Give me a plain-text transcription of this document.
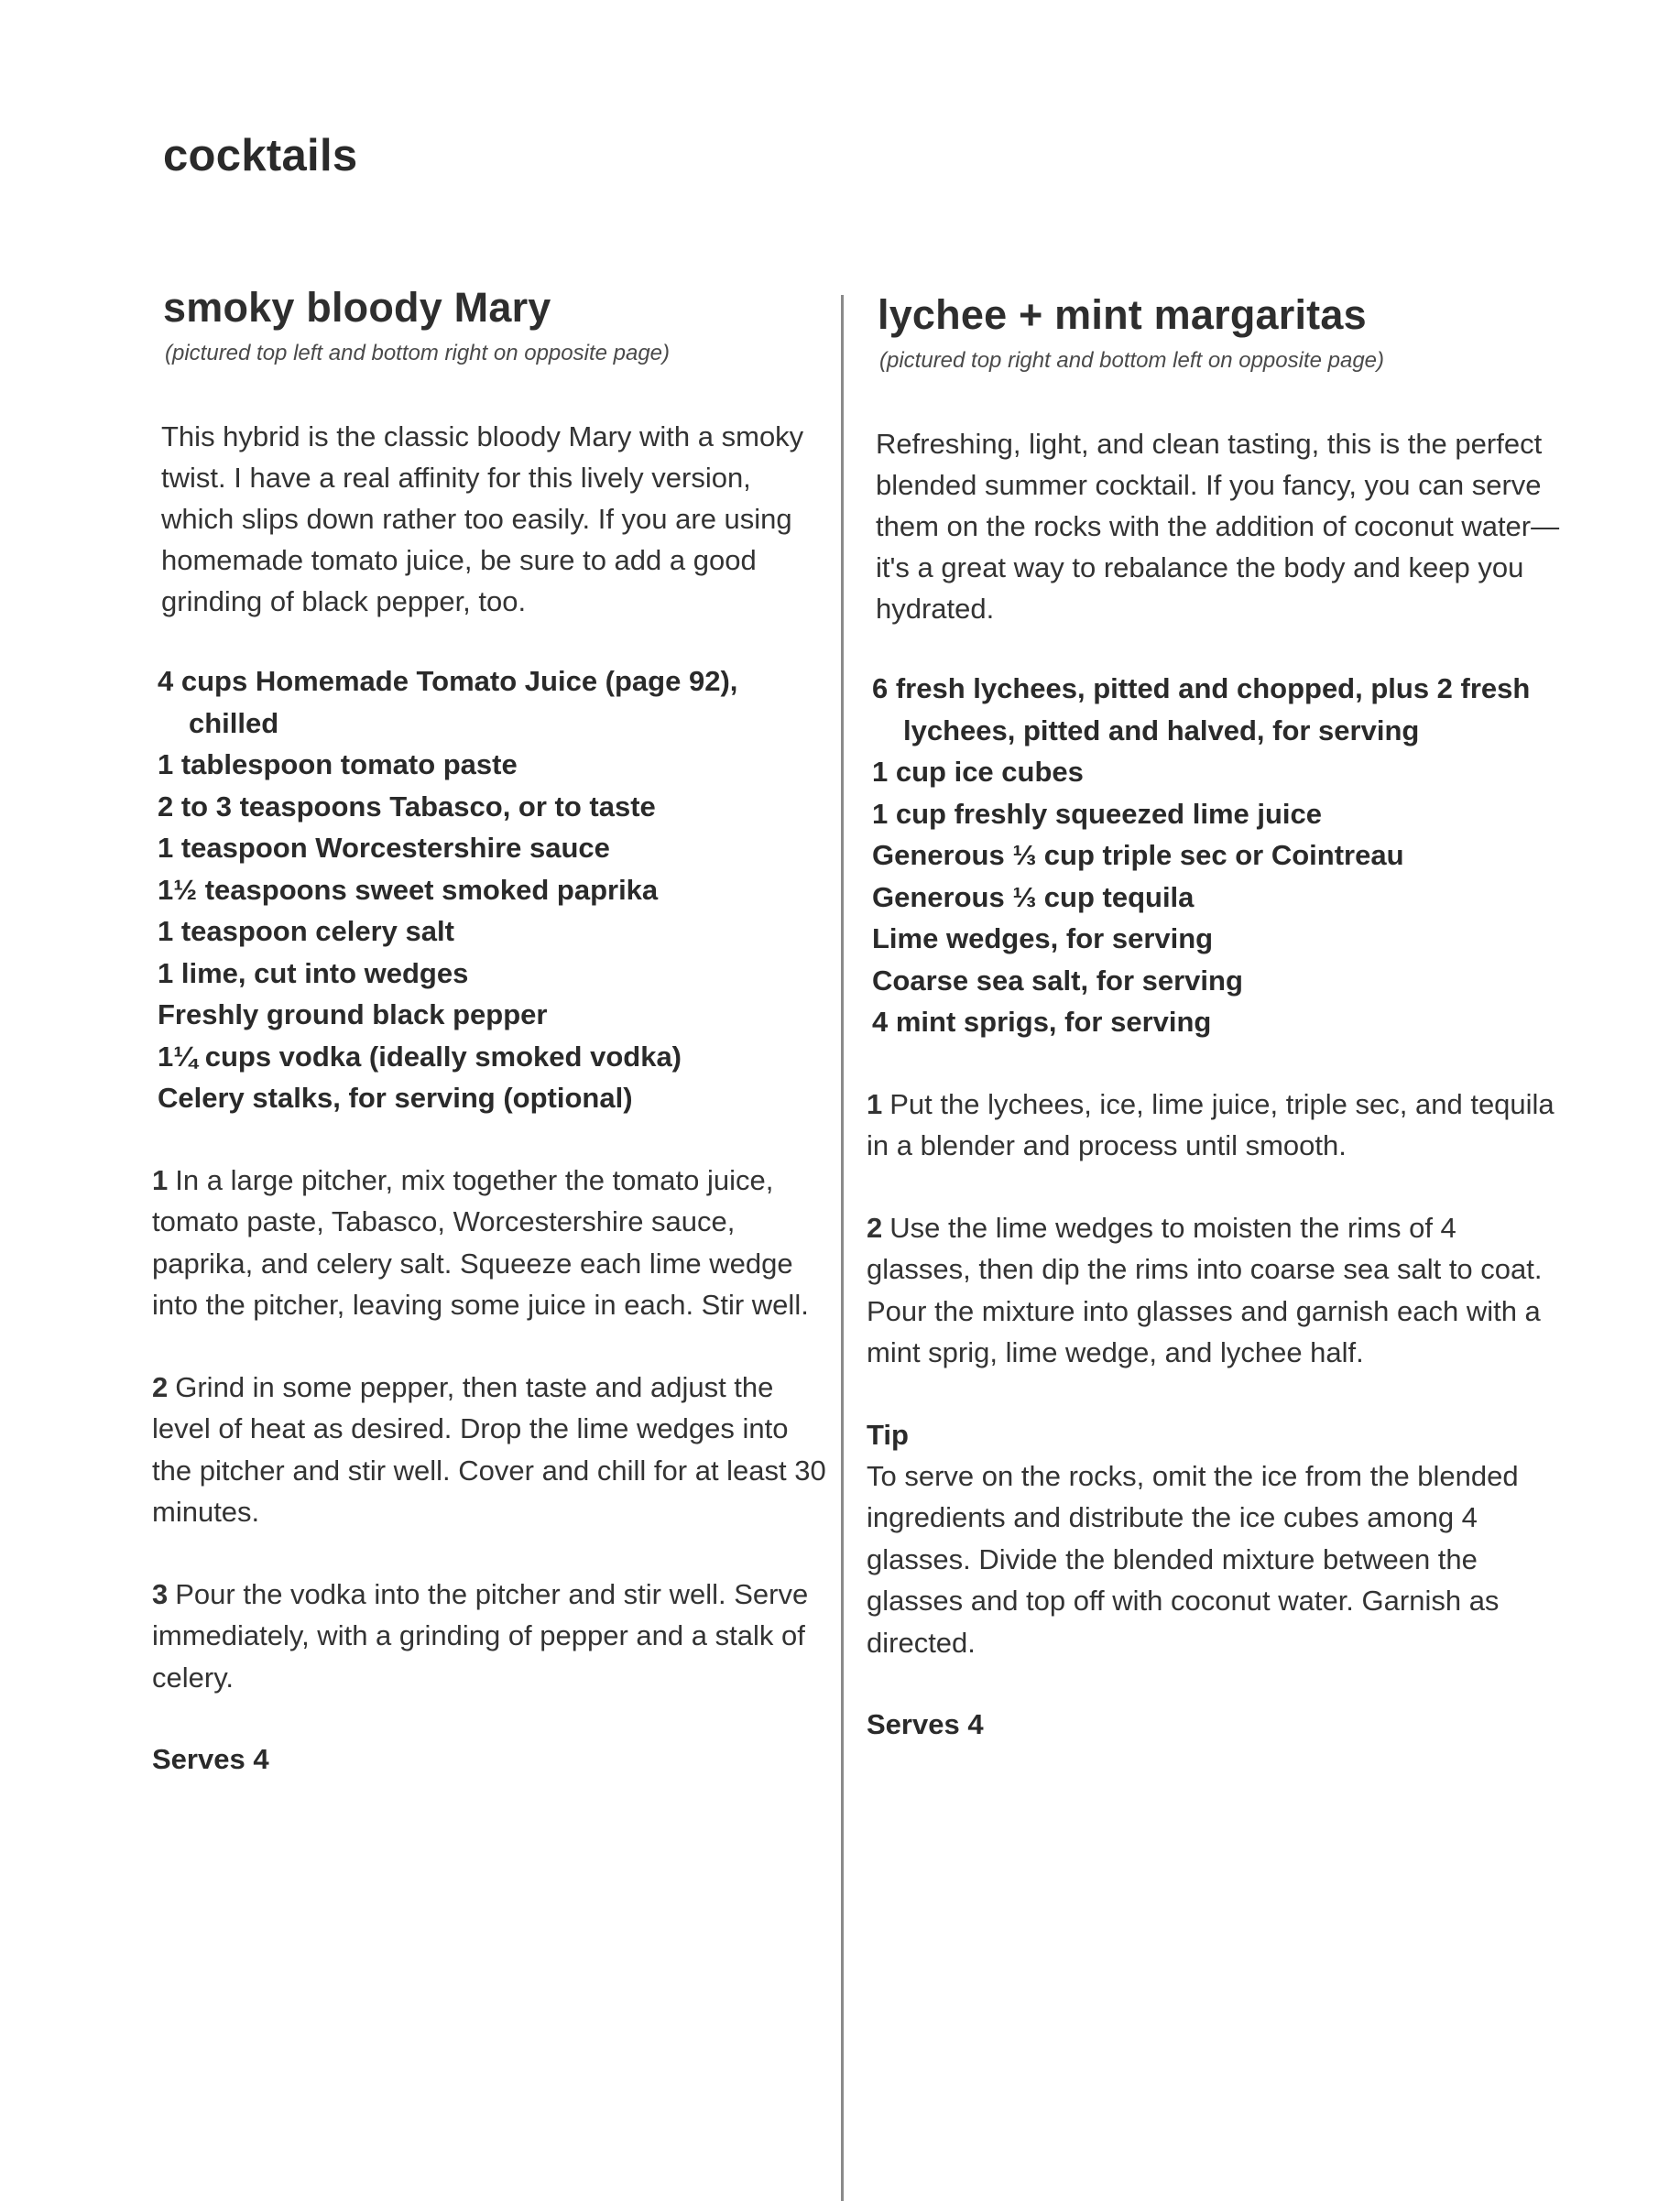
cocktails
smoky bloody Mary
(pictured top left and bottom right on opposite page)

This hybrid is the classic bloody Mary with a smoky twist. I have a real affinity for this lively version, which slips down rather too easily. If you are using homemade tomato juice, be sure to add a good grinding of black pepper, too.

4 cups Homemade Tomato Juice (page 92), chilled
1 tablespoon tomato paste
2 to 3 teaspoons Tabasco, or to taste
1 teaspoon Worcestershire sauce
1½ teaspoons sweet smoked paprika
1 teaspoon celery salt
1 lime, cut into wedges
Freshly ground black pepper
1¼ cups vodka (ideally smoked vodka)
Celery stalks, for serving (optional)

1 In a large pitcher, mix together the tomato juice, tomato paste, Tabasco, Worcestershire sauce, paprika, and celery salt. Squeeze each lime wedge into the pitcher, leaving some juice in each. Stir well.

2 Grind in some pepper, then taste and adjust the level of heat as desired. Drop the lime wedges into the pitcher and stir well. Cover and chill for at least 30 minutes.

3 Pour the vodka into the pitcher and stir well. Serve immediately, with a grinding of pepper and a stalk of celery.

Serves 4
lychee + mint margaritas
(pictured top right and bottom left on opposite page)

Refreshing, light, and clean tasting, this is the perfect blended summer cocktail. If you fancy, you can serve them on the rocks with the addition of coconut water—it's a great way to rebalance the body and keep you hydrated.

6 fresh lychees, pitted and chopped, plus 2 fresh lychees, pitted and halved, for serving
1 cup ice cubes
1 cup freshly squeezed lime juice
Generous ⅓ cup triple sec or Cointreau
Generous ⅓ cup tequila
Lime wedges, for serving
Coarse sea salt, for serving
4 mint sprigs, for serving

1 Put the lychees, ice, lime juice, triple sec, and tequila in a blender and process until smooth.

2 Use the lime wedges to moisten the rims of 4 glasses, then dip the rims into coarse sea salt to coat. Pour the mixture into glasses and garnish each with a mint sprig, lime wedge, and lychee half.

Tip

To serve on the rocks, omit the ice from the blended ingredients and distribute the ice cubes among 4 glasses. Divide the blended mixture between the glasses and top off with coconut water. Garnish as directed.

Serves 4
